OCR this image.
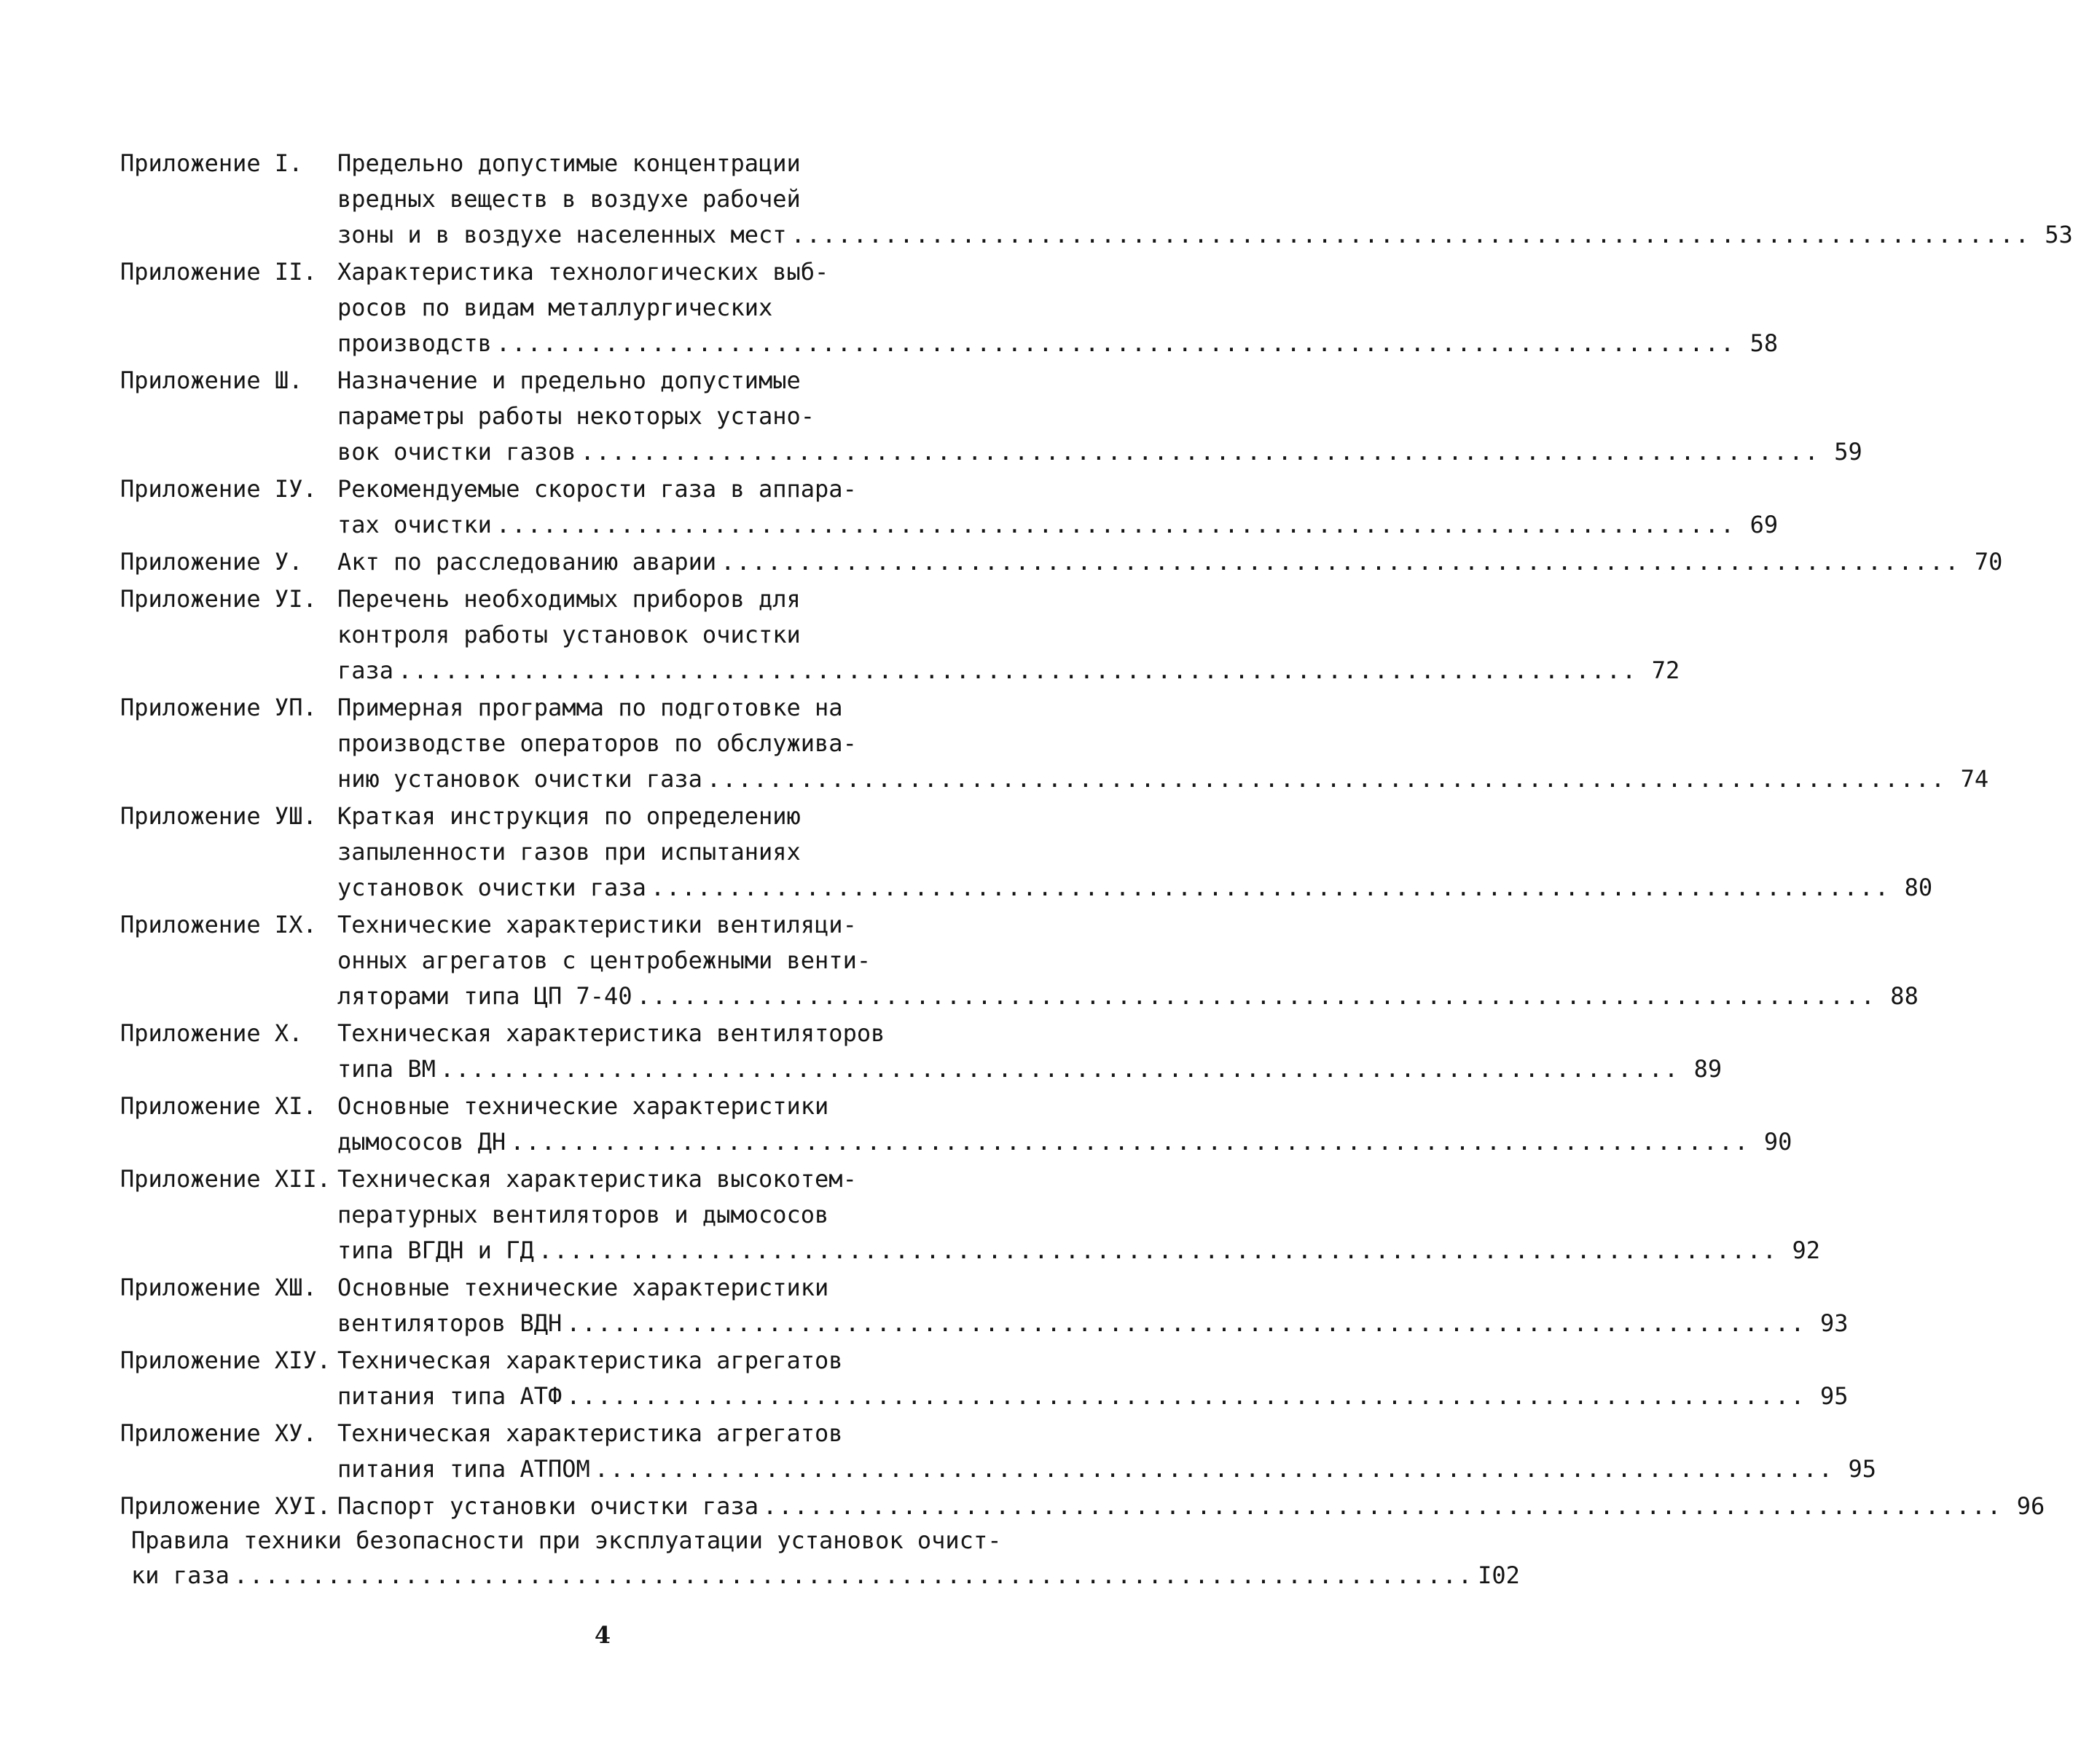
Приложение I. Предельно допустимые концентрации
вредных веществ в воздухе рабочей
зоны и в воздухе населенных мест ................................................................................ 53
Приложение II. Характеристика технологических выб-
росов по видам металлургических
производств ................................................................................ 58
Приложение Ш. Назначение и предельно допустимые
параметры работы некоторых устано-
вок очистки газов ................................................................................ 59
Приложение IУ. Рекомендуемые скорости газа в аппара-
тах очистки ................................................................................ 69
Приложение У. Акт по расследованию аварии ................................................................................ 70
Приложение УI. Перечень необходимых приборов для
контроля работы установок очистки
газа ................................................................................ 72
Приложение УП. Примерная программа по подготовке на
производстве операторов по обслужива-
нию установок очистки газа ................................................................................ 74
Приложение УШ. Краткая инструкция по определению
запыленности газов при испытаниях
установок очистки газа ................................................................................ 80
Приложение IX. Технические характеристики вентиляци-
онных агрегатов с центробежными венти-
ляторами типа ЦП 7-40 ................................................................................ 88
Приложение X. Техническая характеристика вентиляторов
типа ВМ ................................................................................ 89
Приложение XI. Основные технические характеристики
дымососов ДН ................................................................................ 90
Приложение XII. Техническая характеристика высокотем-
пературных вентиляторов и дымососов
типа ВГДН и ГД ................................................................................ 92
Приложение XШ. Основные технические характеристики
вентиляторов ВДН ................................................................................ 93
Приложение XIУ. Техническая характеристика агрегатов
питания типа АТФ ................................................................................ 95
Приложение XУ. Техническая характеристика агрегатов
питания типа АТПОМ ................................................................................ 95
Приложение XУI. Паспорт установки очистки газа ................................................................................ 96
Правила техники безопасности при эксплуатации установок очист-
ки газа ................................................................................ I02
4
